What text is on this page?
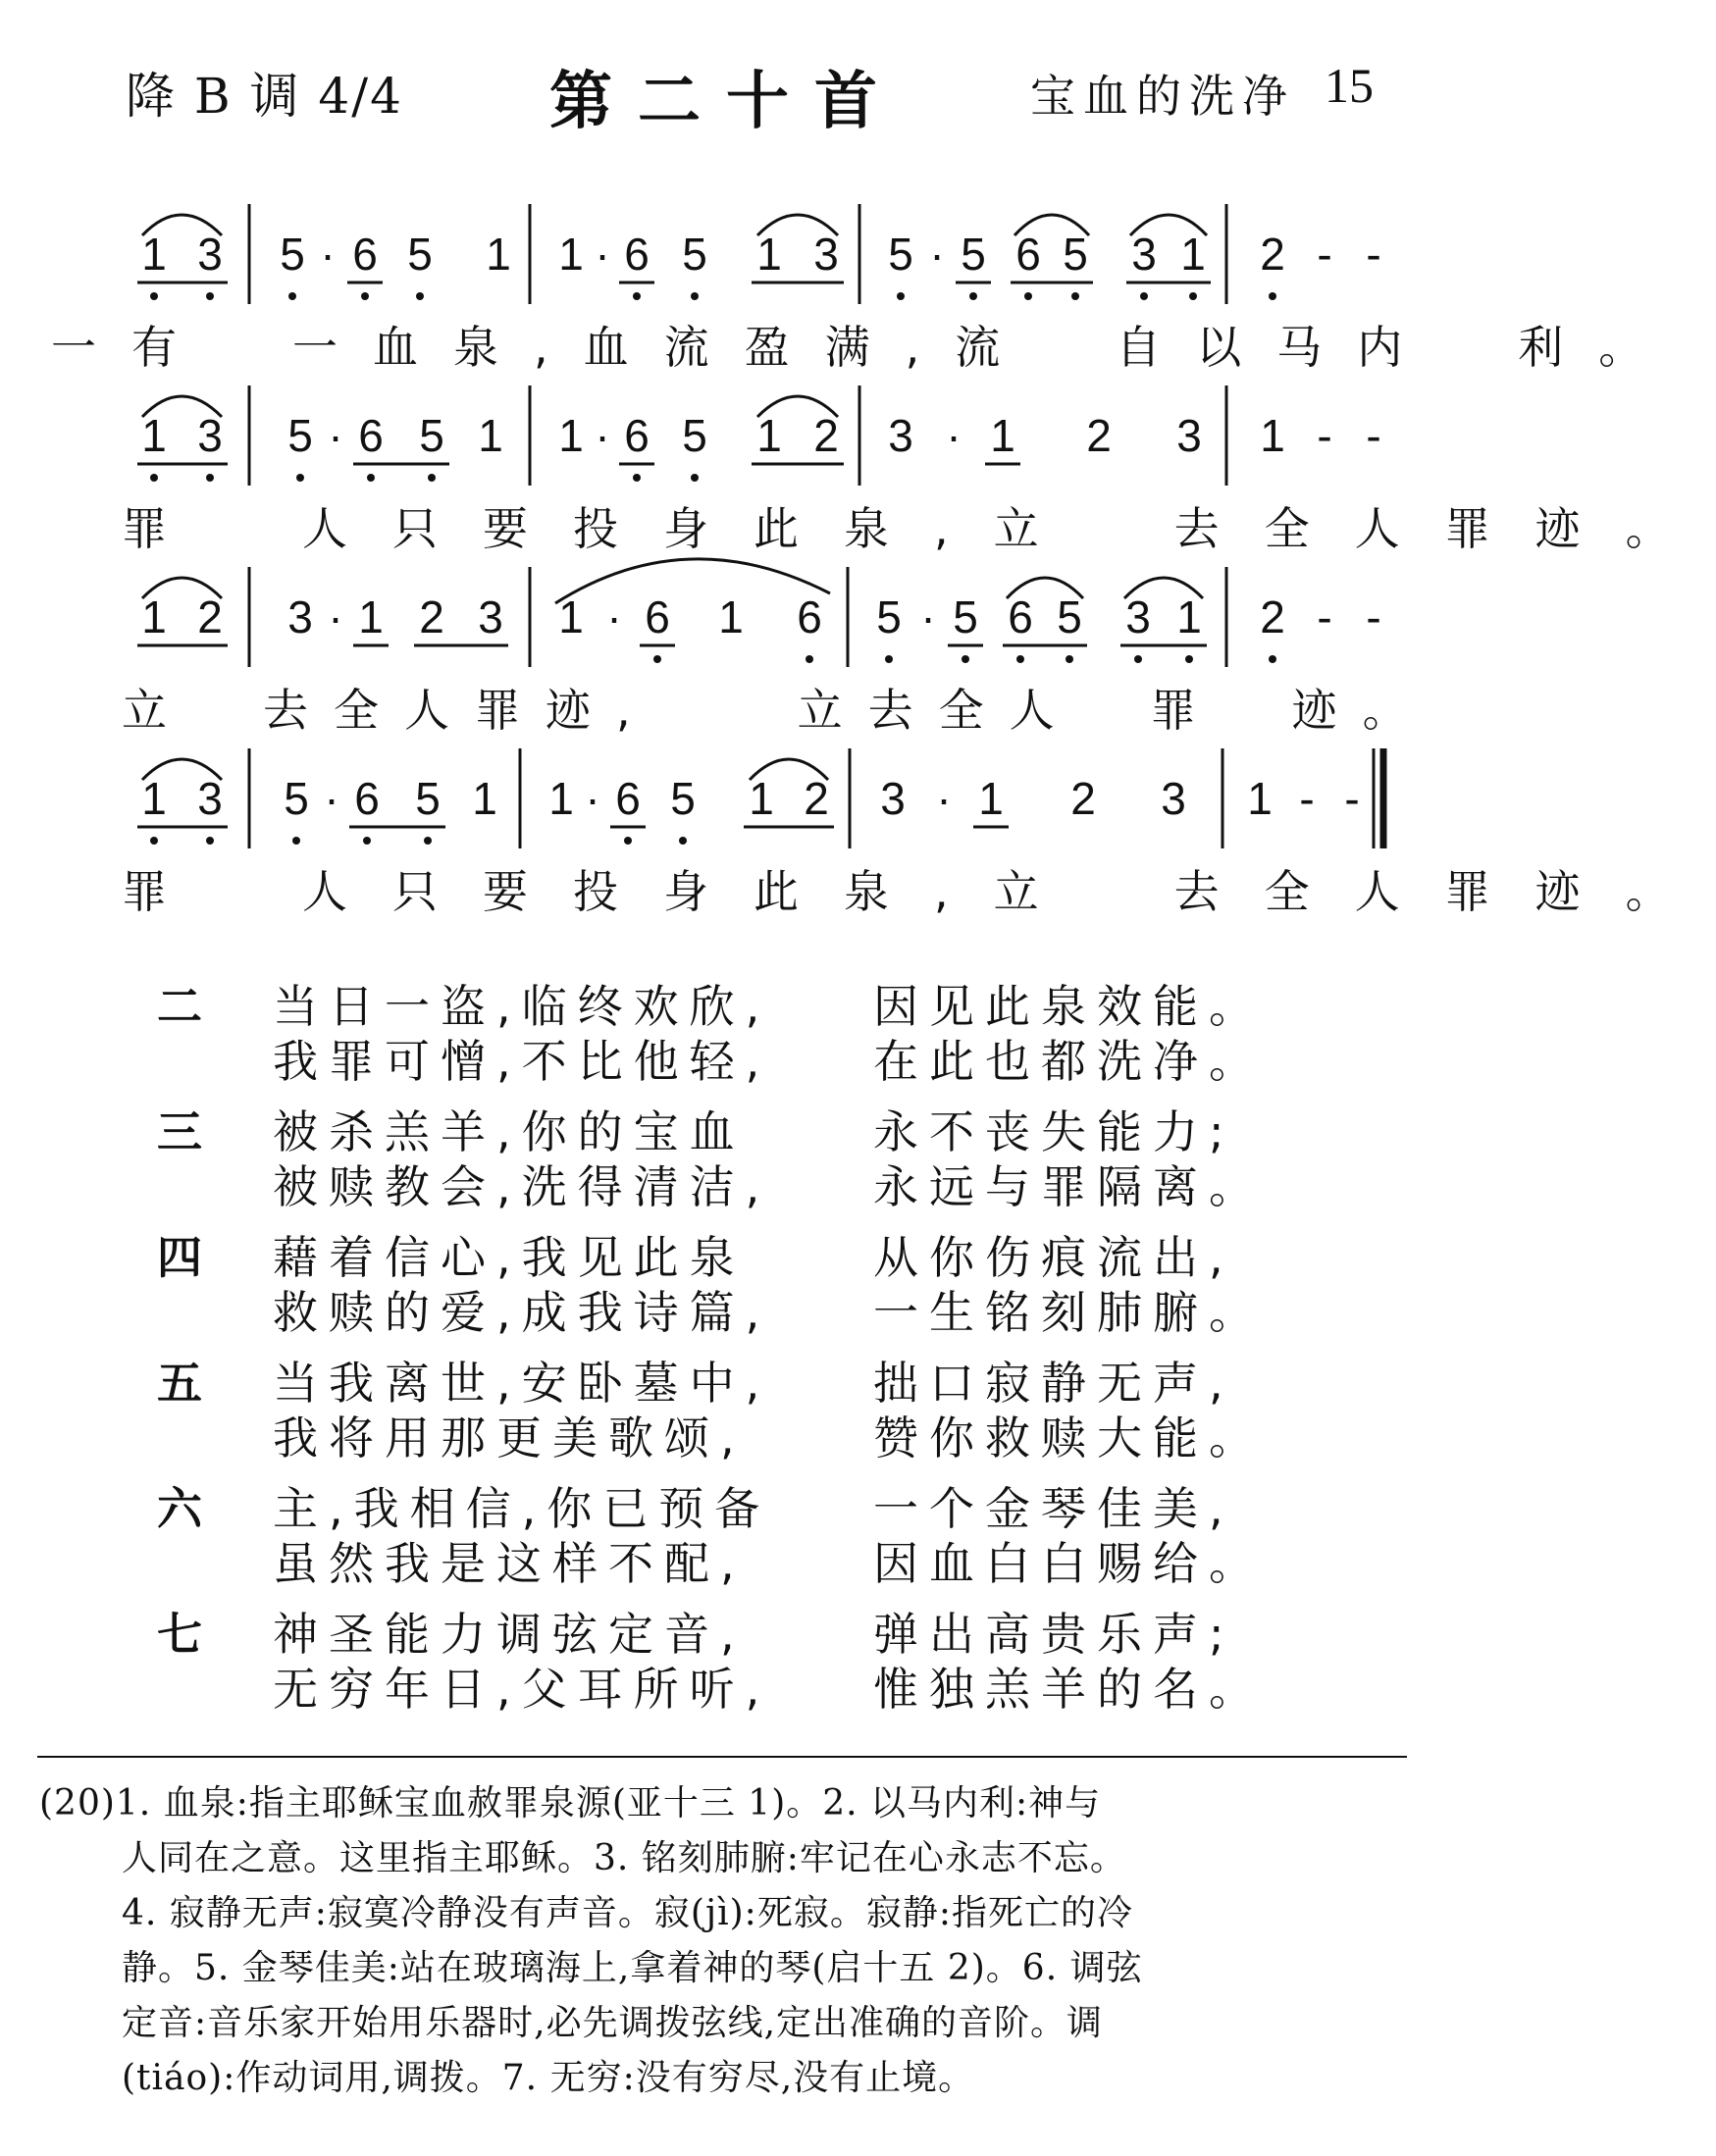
降 B 调 4/4 第二十首	宝血的洗净 15
1 3 5 · 6 5 1 1 · 6 5 1 3 5 · 5 6 5 3 1 2 - -
1 3 5 · 6 5 1 1 · 6 5 1 2 3 · 1 2 3 1 - -
1 2 3 · 1 2 3 1 · 6 1 6 5 · 5 6 5 3 1 2 - -
1 3 5 · 6 5 1 1 · 6 5 1 2 3 · 1 2 3 1 - -
一有　一血泉,血流盈满,流　自以马内　利。
罪　人只要投身此泉,立　去全人罪迹。
立　去全人罪迹,　　立去全人　罪　迹。
罪　人只要投身此泉,立　去全人罪迹。
二 当日一盗,临终欢欣, 因见此泉效能。
我罪可憎,不比他轻, 在此也都洗净。
三 被杀羔羊,你的宝血	永不丧失能力;
被赎教会,洗得清洁, 永远与罪隔离。
四 藉着信心,我见此泉	从你伤痕流出,
救赎的爱,成我诗篇, 一生铭刻肺腑。
五 当我离世,安卧墓中, 拙口寂静无声,
我将用那更美歌颂,	赞你救赎大能。
六 主,我相信,你已预备 一个金琴佳美,
虽然我是这样不配,	因血白白赐给。
七 神圣能力调弦定音,	弹出高贵乐声;
无穷年日,父耳所听, 惟独羔羊的名。
(20)1. 血泉:指主耶稣宝血赦罪泉源(亚十三 1)。2. 以马内利:神与
人同在之意。这里指主耶稣。3. 铭刻肺腑:牢记在心永志不忘。
4. 寂静无声:寂寞冷静没有声音。寂(jì):死寂。寂静:指死亡的冷
静。5. 金琴佳美:站在玻璃海上,拿着神的琴(启十五 2)。6. 调弦
定音:音乐家开始用乐器时,必先调拨弦线,定出准确的音阶。调
(tiáo):作动词用,调拨。7. 无穷:没有穷尽,没有止境。
